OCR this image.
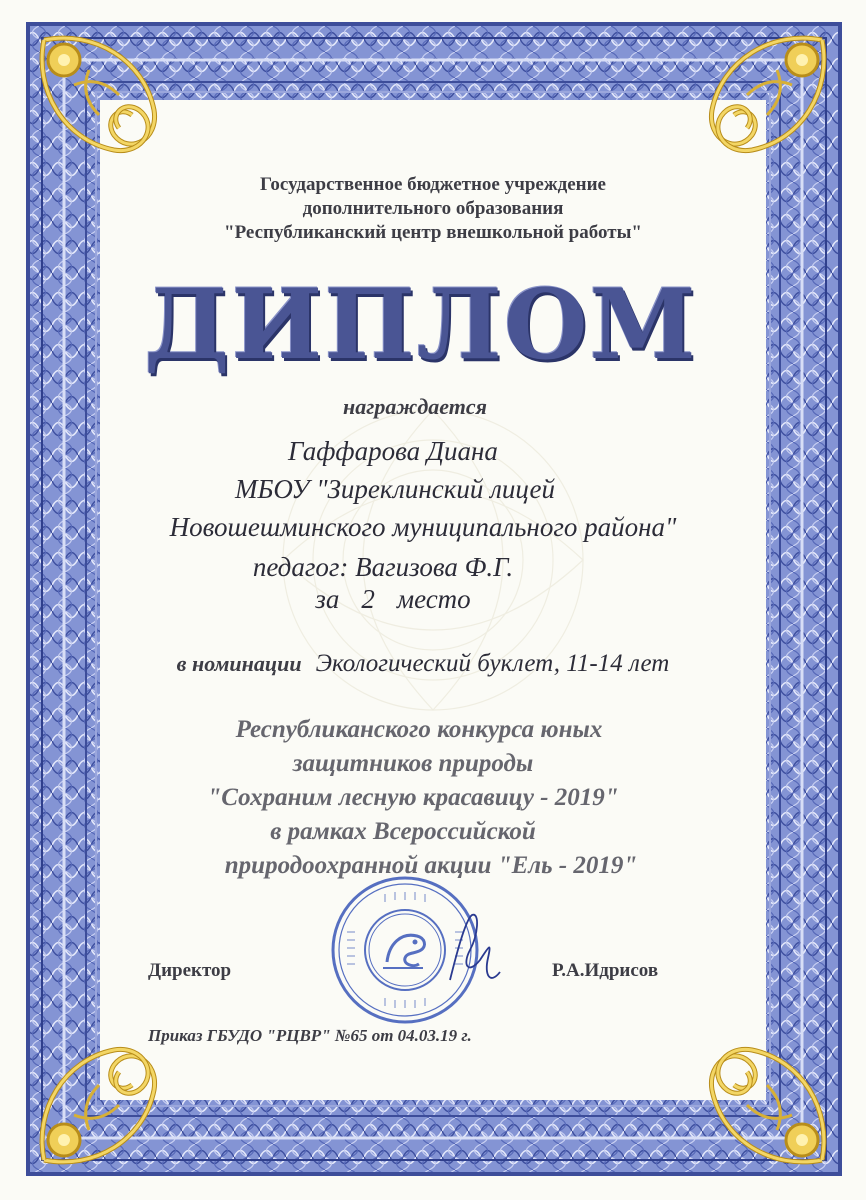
Государственное бюджетное учреждение
дополнительного образования
"Республиканский центр внешкольной работы"
ДИПЛОМ
награждается
Гаффарова Диана
МБОУ "Зиреклинский лицей
Новошешминского муниципального района"
педагог: Вагизова Ф.Г.
за 2 место
в номинации Экологический буклет, 11-14 лет
Республиканского конкурса юных
защитников природы
"Сохраним лесную красавицу - 2019"
в рамках Всероссийской
природоохранной акции "Ель - 2019"
Директор	Р.А.Идрисов
Приказ ГБУДО "РЦВР" №65 от 04.03.19 г.
